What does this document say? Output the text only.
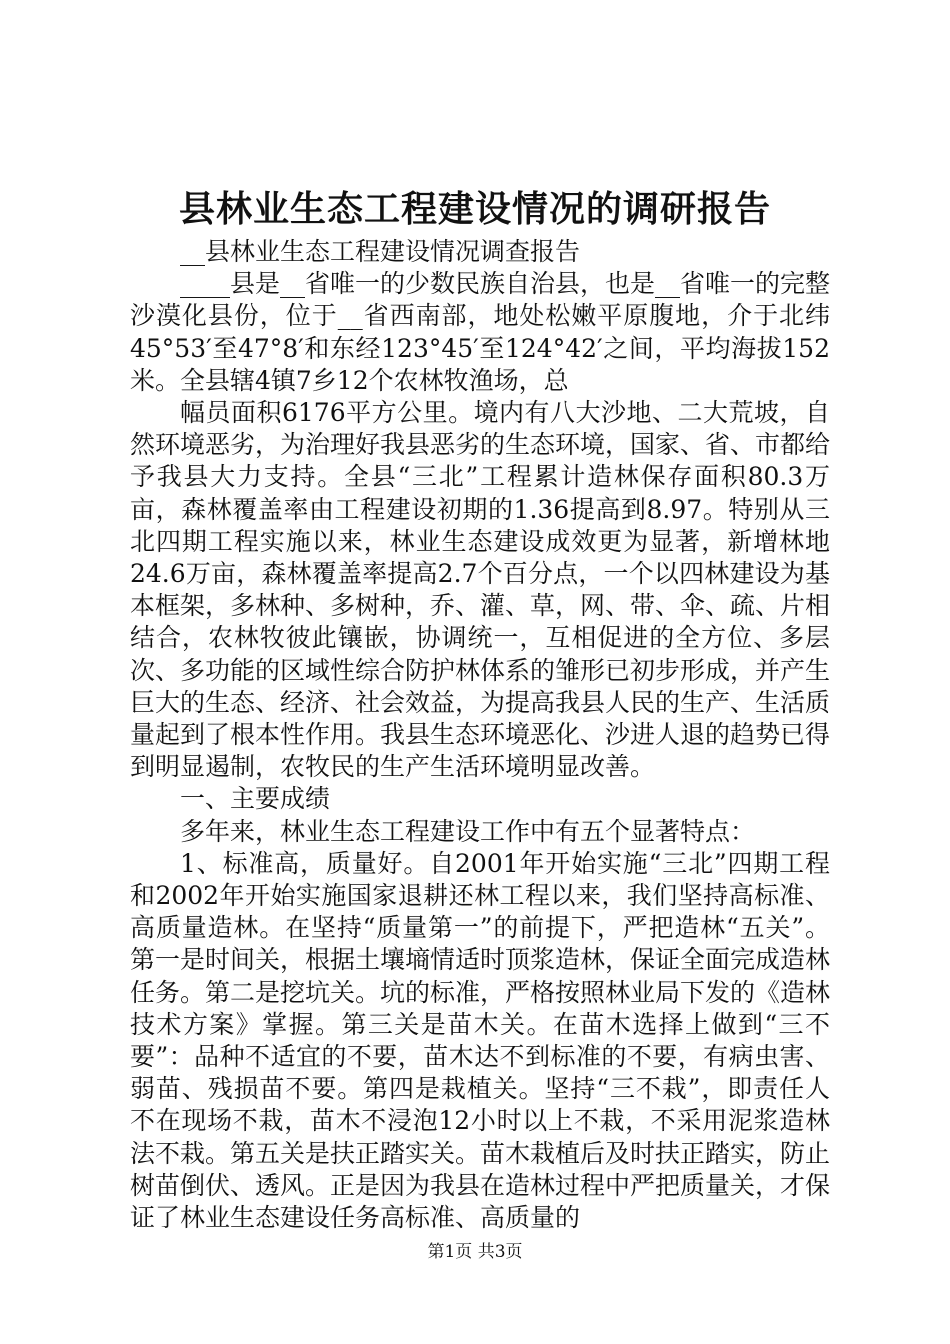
县林业生态工程建设情况的调研报告

__县林业生态工程建设情况调查报告

____县是__省唯一的少数民族自治县，也是__省唯一的完整沙漠化县份，位于__省西南部，地处松嫩平原腹地，介于北纬45°53′至47°8′和东经123°45′至124°42′之间，平均海拔152米。全县辖4镇7乡12个农林牧渔场，总

幅员面积6176平方公里。境内有八大沙地、二大荒坡，自然环境恶劣，为治理好我县恶劣的生态环境，国家、省、市都给予我县大力支持。全县“三北”工程累计造林保存面积80.3万亩，森林覆盖率由工程建设初期的1.36提高到8.97。特别从三北四期工程实施以来，林业生态建设成效更为显著，新增林地24.6万亩，森林覆盖率提高2.7个百分点，一个以四林建设为基本框架，多林种、多树种，乔、灌、草，网、带、伞、疏、片相结合，农林牧彼此镶嵌，协调统一，互相促进的全方位、多层次、多功能的区域性综合防护林体系的雏形已初步形成，并产生巨大的生态、经济、社会效益，为提高我县人民的生产、生活质量起到了根本性作用。我县生态环境恶化、沙进人退的趋势已得到明显遏制，农牧民的生产生活环境明显改善。

一、主要成绩

多年来，林业生态工程建设工作中有五个显著特点：

1、标准高，质量好。自2001年开始实施“三北”四期工程和2002年开始实施国家退耕还林工程以来，我们坚持高标准、高质量造林。在坚持“质量第一”的前提下，严把造林“五关”。第一是时间关，根据土壤墒情适时顶浆造林，保证全面完成造林任务。第二是挖坑关。坑的标准，严格按照林业局下发的《造林技术方案》掌握。第三关是苗木关。在苗木选择上做到“三不要”：品种不适宜的不要，苗木达不到标准的不要，有病虫害、弱苗、残损苗不要。第四是栽植关。坚持“三不栽”，即责任人不在现场不栽，苗木不浸泡12小时以上不栽，不采用泥浆造林法不栽。第五关是扶正踏实关。苗木栽植后及时扶正踏实，防止树苗倒伏、透风。正是因为我县在造林过程中严把质量关，才保证了林业生态建设任务高标准、高质量的

第1页 共3页
